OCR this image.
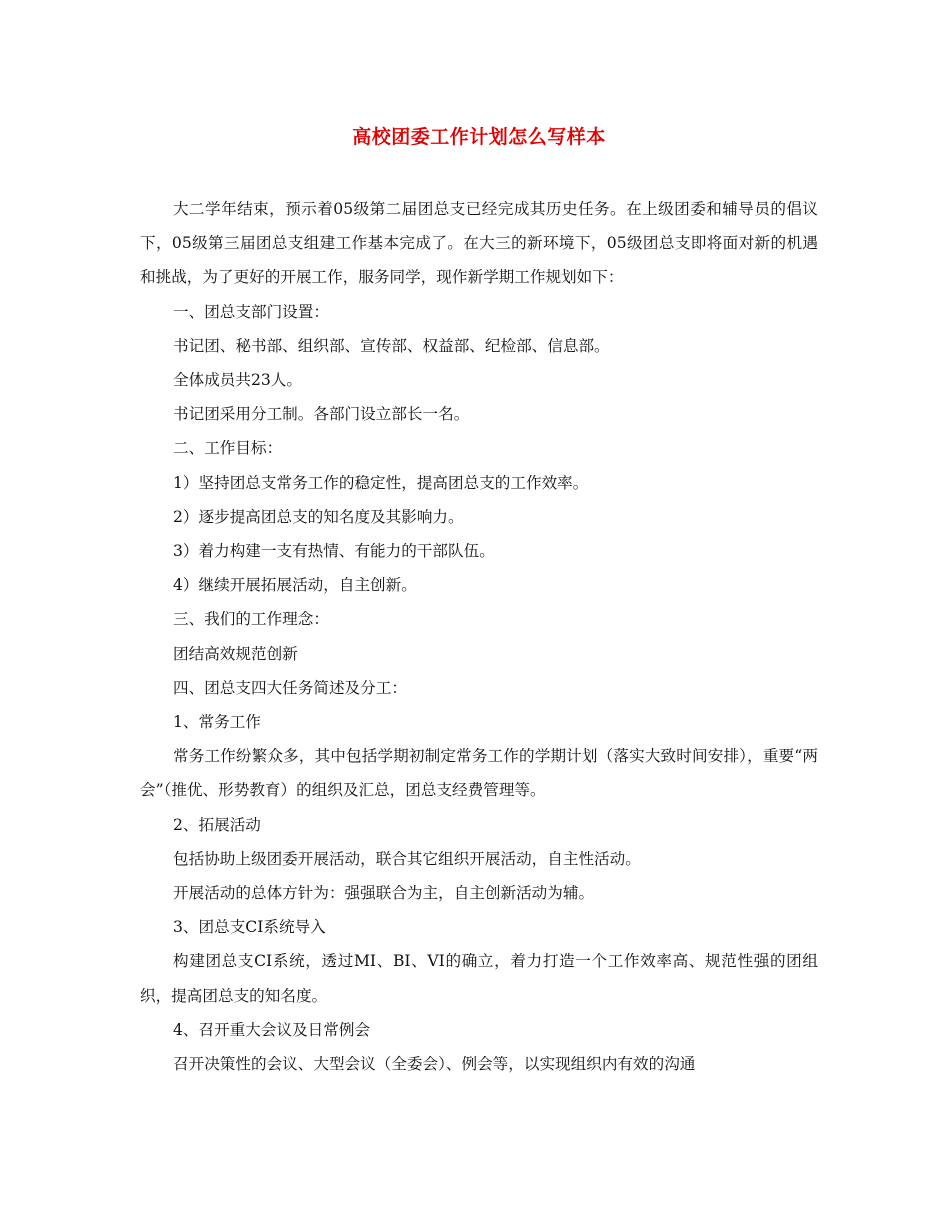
高校团委工作计划怎么写样本

大二学年结束，预示着05级第二届团总支已经完成其历史任务。在上级团委和辅导员的倡议下，05级第三届团总支组建工作基本完成了。在大三的新环境下，05级团总支即将面对新的机遇和挑战，为了更好的开展工作，服务同学，现作新学期工作规划如下：

一、团总支部门设置：

书记团、秘书部、组织部、宣传部、权益部、纪检部、信息部。

全体成员共23人。

书记团采用分工制。各部门设立部长一名。

二、工作目标：

1）坚持团总支常务工作的稳定性，提高团总支的工作效率。

2）逐步提高团总支的知名度及其影响力。

3）着力构建一支有热情、有能力的干部队伍。

4）继续开展拓展活动，自主创新。

三、我们的工作理念：

团结高效规范创新

四、团总支四大任务简述及分工：

1、常务工作

常务工作纷繁众多，其中包括学期初制定常务工作的学期计划（落实大致时间安排），重要“两会”（推优、形势教育）的组织及汇总，团总支经费管理等。

2、拓展活动

包括协助上级团委开展活动，联合其它组织开展活动，自主性活动。

开展活动的总体方针为：强强联合为主，自主创新活动为辅。

3、团总支CI系统导入

构建团总支CI系统，透过MI、BI、VI的确立，着力打造一个工作效率高、规范性强的团组织，提高团总支的知名度。

4、召开重大会议及日常例会

召开决策性的会议、大型会议（全委会）、例会等，以实现组织内有效的沟通
